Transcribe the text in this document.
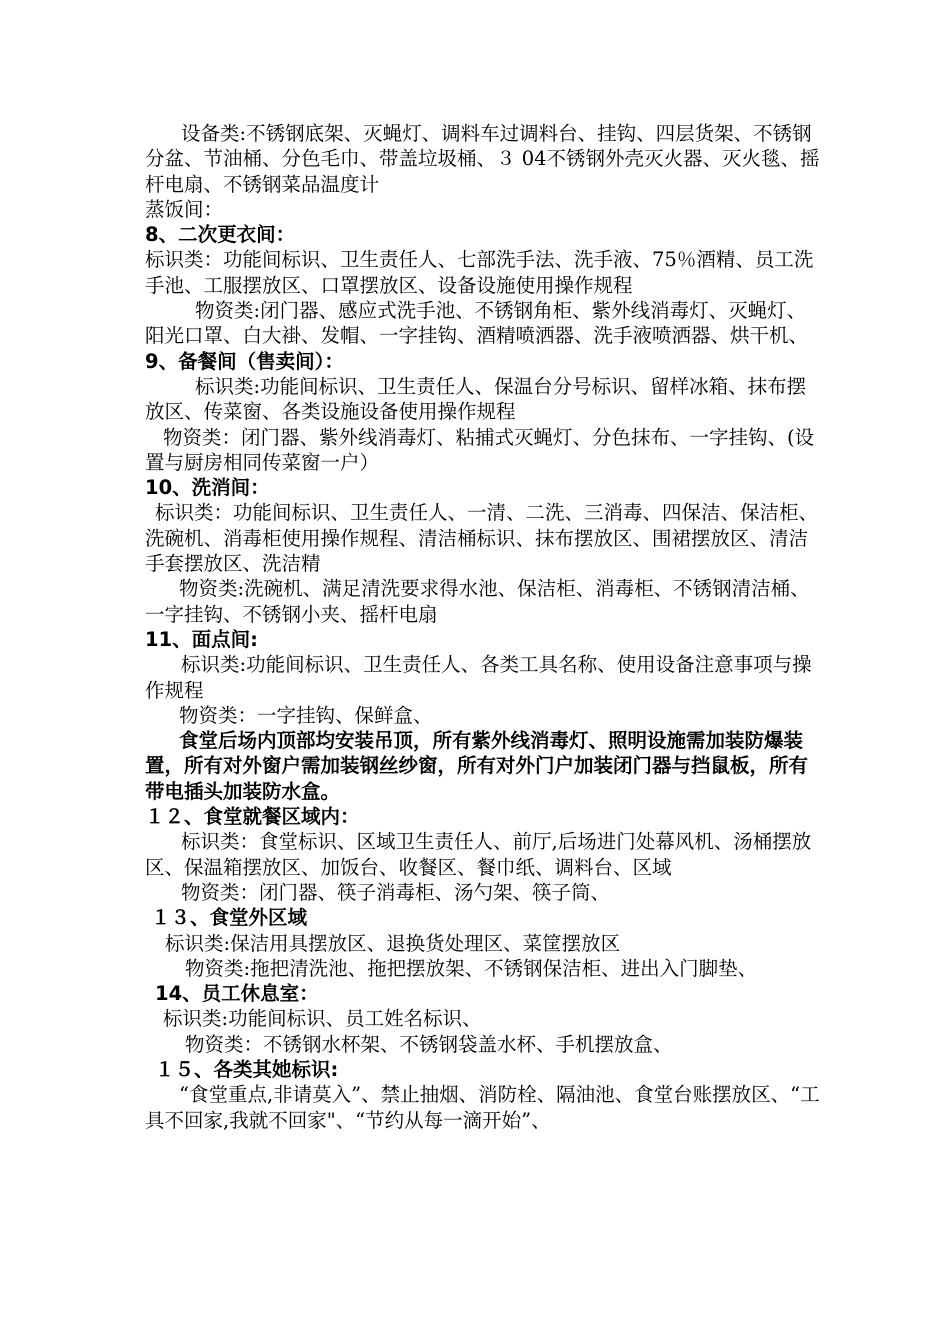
设备类:不锈钢底架、灭蝇灯、调料车过调料台、挂钩、四层货架、不锈钢分盆、节油桶、分色毛巾、带盖垃圾桶、３ 04不锈钢外壳灭火器、灭火毯、摇杆电扇、不锈钢菜品温度计

蒸饭间：

8、二次更衣间：

标识类：功能间标识、卫生责任人、七部洗手法、洗手液、75％酒精、员工洗手池、工服摆放区、口罩摆放区、设备设施使用操作规程

物资类:闭门器、感应式洗手池、不锈钢角柜、紫外线消毒灯、灭蝇灯、阳光口罩、白大褂、发帽、一字挂钩、酒精喷洒器、洗手液喷洒器、烘干机、

9、备餐间（售卖间）：

标识类:功能间标识、卫生责任人、保温台分号标识、留样冰箱、抹布摆放区、传菜窗、各类设施设备使用操作规程

物资类：闭门器、紫外线消毒灯、粘捕式灭蝇灯、分色抹布、一字挂钩、(设置与厨房相同传菜窗一户）

10、洗消间：

标识类：功能间标识、卫生责任人、一清、二洗、三消毒、四保洁、保洁柜、洗碗机、消毒柜使用操作规程、清洁桶标识、抹布摆放区、围裙摆放区、清洁手套摆放区、洗洁精

物资类:洗碗机、满足清洗要求得水池、保洁柜、消毒柜、不锈钢清洁桶、一字挂钩、不锈钢小夹、摇杆电扇

11、面点间:

标识类:功能间标识、卫生责任人、各类工具名称、使用设备注意事项与操作规程

物资类：一字挂钩、保鲜盒、

食堂后场内顶部均安装吊顶，所有紫外线消毒灯、照明设施需加装防爆装置，所有对外窗户需加装钢丝纱窗，所有对外门户加装闭门器与挡鼠板，所有带电插头加装防水盒。

１２、食堂就餐区域内：

标识类：食堂标识、区域卫生责任人、前厅,后场进门处幕风机、汤桶摆放区、保温箱摆放区、加饭台、收餐区、餐巾纸、调料台、区域

物资类：闭门器、筷子消毒柜、汤勺架、筷子筒、

１３、食堂外区域

标识类:保洁用具摆放区、退换货处理区、菜筐摆放区

物资类:拖把清洗池、拖把摆放架、不锈钢保洁柜、进出入门脚垫、

14、员工休息室：

标识类:功能间标识、员工姓名标识、

物资类：不锈钢水杯架、不锈钢袋盖水杯、手机摆放盒、

１５、各类其她标识:

“食堂重点,非请莫入”、禁止抽烟、消防栓、隔油池、食堂台账摆放区、“工具不回家,我就不回家"、“节约从每一滴开始”、
